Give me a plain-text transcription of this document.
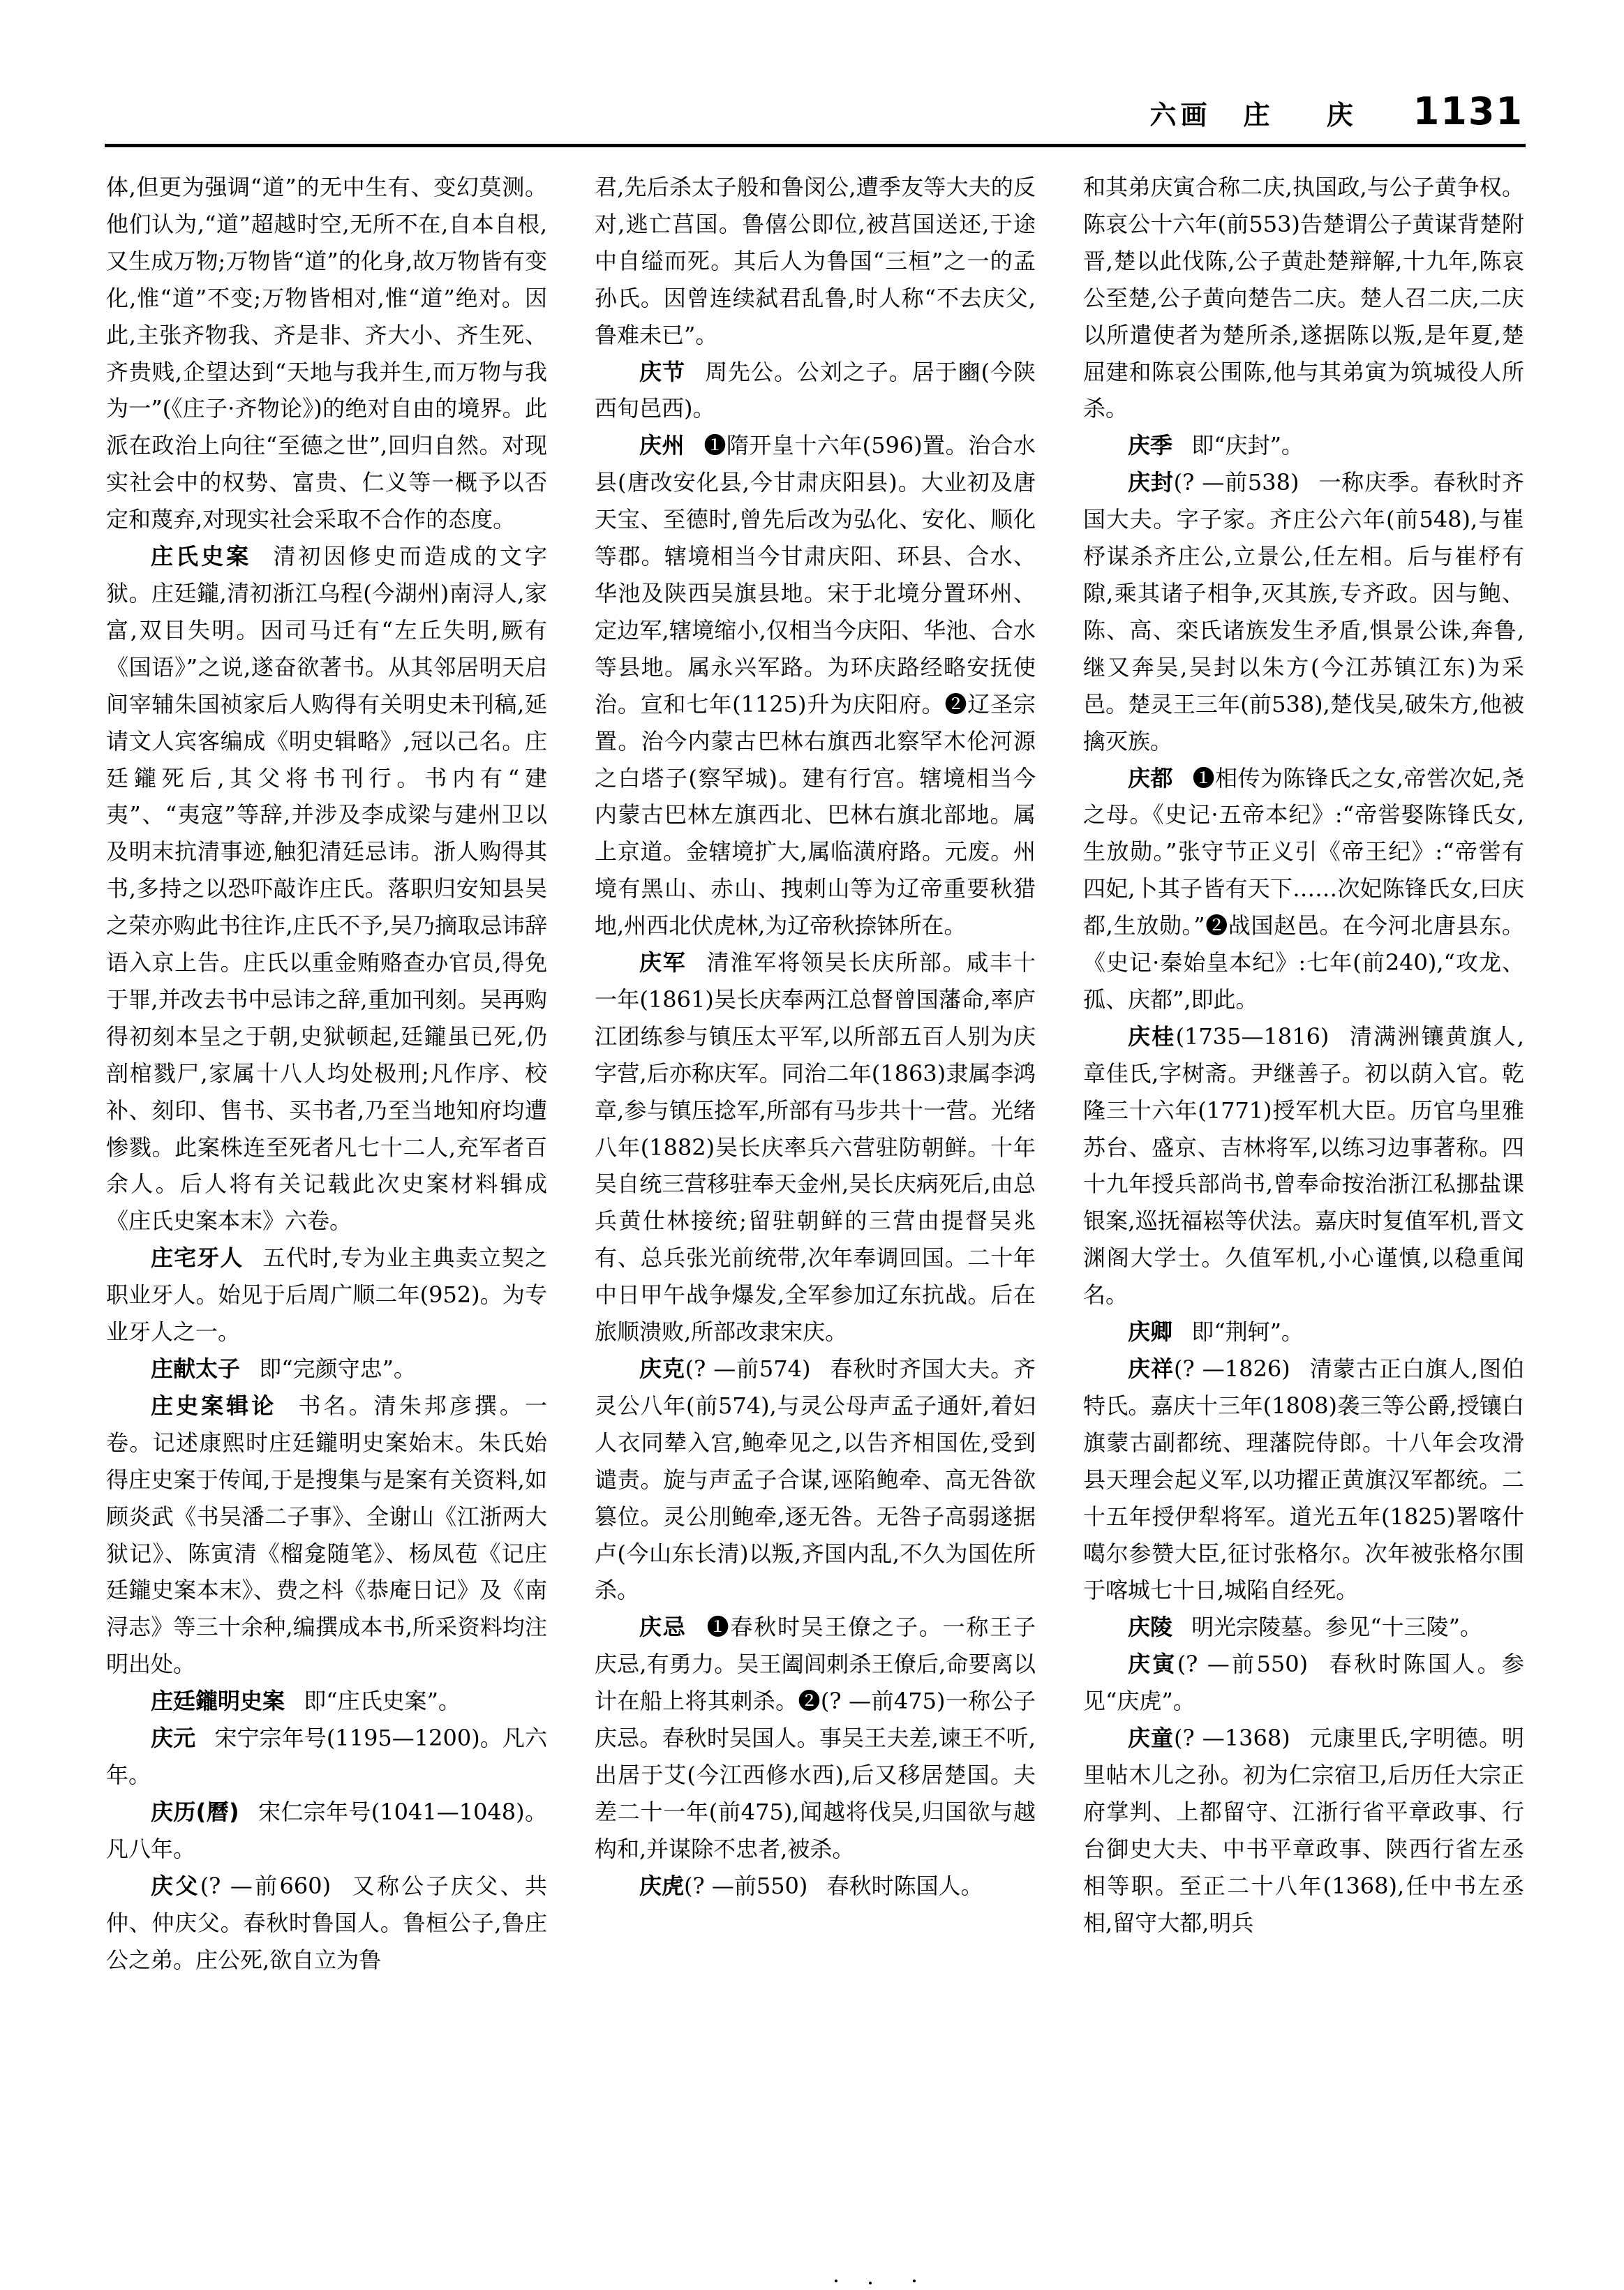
六画 庄 庆 1131

体,但更为强调“道”的无中生有、变幻莫测。他们认为,“道”超越时空,无所不在,自本自根,又生成万物;万物皆“道”的化身,故万物皆有变化,惟“道”不变;万物皆相对,惟“道”绝对。因此,主张齐物我、齐是非、齐大小、齐生死、齐贵贱,企望达到“天地与我并生,而万物与我为一”(《庄子·齐物论》)的绝对自由的境界。此派在政治上向往“至德之世”,回归自然。对现实社会中的权势、富贵、仁义等一概予以否定和蔑弃,对现实社会采取不合作的态度。

庄氏史案 清初因修史而造成的文字狱。庄廷鑨,清初浙江乌程(今湖州)南浔人,家富,双目失明。因司马迁有“左丘失明,厥有《国语》”之说,遂奋欲著书。从其邻居明天启间宰辅朱国祯家后人购得有关明史未刊稿,延请文人宾客编成《明史辑略》,冠以己名。庄廷鑨死后,其父将书刊行。书内有“建夷”、“夷寇”等辞,并涉及李成梁与建州卫以及明末抗清事迹,触犯清廷忌讳。浙人购得其书,多持之以恐吓敲诈庄氏。落职归安知县吴之荣亦购此书往诈,庄氏不予,吴乃摘取忌讳辞语入京上告。庄氏以重金贿赂查办官员,得免于罪,并改去书中忌讳之辞,重加刊刻。吴再购得初刻本呈之于朝,史狱顿起,廷鑨虽已死,仍剖棺戮尸,家属十八人均处极刑;凡作序、校补、刻印、售书、买书者,乃至当地知府均遭惨戮。此案株连至死者凡七十二人,充军者百余人。后人将有关记载此次史案材料辑成《庄氏史案本末》六卷。

庄宅牙人 五代时,专为业主典卖立契之职业牙人。始见于后周广顺二年(952)。为专业牙人之一。

庄献太子 即“完颜守忠”。

庄史案辑论 书名。清朱邦彦撰。一卷。记述康熙时庄廷鑨明史案始末。朱氏始得庄史案于传闻,于是搜集与是案有关资料,如顾炎武《书吴潘二子事》、全谢山《江浙两大狱记》、陈寅清《榴龛随笔》、杨凤苞《记庄廷鑨史案本末》、费之枓《恭庵日记》及《南浔志》等三十余种,编撰成本书,所采资料均注明出处。

庄廷鑨明史案 即“庄氏史案”。

庆元 宋宁宗年号(1195—1200)。凡六年。

庆历(曆) 宋仁宗年号(1041—1048)。凡八年。

庆父(? —前660) 又称公子庆父、共仲、仲庆父。春秋时鲁国人。鲁桓公子,鲁庄公之弟。庄公死,欲自立为鲁

君,先后杀太子般和鲁闵公,遭季友等大夫的反对,逃亡莒国。鲁僖公即位,被莒国送还,于途中自缢而死。其后人为鲁国“三桓”之一的孟孙氏。因曾连续弑君乱鲁,时人称“不去庆父,鲁难未已”。

庆节 周先公。公刘之子。居于豳(今陕西旬邑西)。

庆州 ❶隋开皇十六年(596)置。治合水县(唐改安化县,今甘肃庆阳县)。大业初及唐天宝、至德时,曾先后改为弘化、安化、顺化等郡。辖境相当今甘肃庆阳、环县、合水、华池及陕西吴旗县地。宋于北境分置环州、定边军,辖境缩小,仅相当今庆阳、华池、合水等县地。属永兴军路。为环庆路经略安抚使治。宣和七年(1125)升为庆阳府。❷辽圣宗置。治今内蒙古巴林右旗西北察罕木伦河源之白塔子(察罕城)。建有行宫。辖境相当今内蒙古巴林左旗西北、巴林右旗北部地。属上京道。金辖境扩大,属临潢府路。元废。州境有黑山、赤山、拽刺山等为辽帝重要秋猎地,州西北伏虎林,为辽帝秋捺钵所在。

庆军 清淮军将领吴长庆所部。咸丰十一年(1861)吴长庆奉两江总督曾国藩命,率庐江团练参与镇压太平军,以所部五百人别为庆字营,后亦称庆军。同治二年(1863)隶属李鸿章,参与镇压捻军,所部有马步共十一营。光绪八年(1882)吴长庆率兵六营驻防朝鲜。十年吴自统三营移驻奉天金州,吴长庆病死后,由总兵黄仕林接统;留驻朝鲜的三营由提督吴兆有、总兵张光前统带,次年奉调回国。二十年中日甲午战争爆发,全军参加辽东抗战。后在旅顺溃败,所部改隶宋庆。

庆克(? —前574) 春秋时齐国大夫。齐灵公八年(前574),与灵公母声孟子通奸,着妇人衣同辇入宫,鲍牵见之,以告齐相国佐,受到谴责。旋与声孟子合谋,诬陷鲍牵、高无咎欲篡位。灵公刖鲍牵,逐无咎。无咎子高弱遂据卢(今山东长清)以叛,齐国内乱,不久为国佐所杀。

庆忌 ❶春秋时吴王僚之子。一称王子庆忌,有勇力。吴王阖闾刺杀王僚后,命要离以计在船上将其刺杀。❷(? —前475)一称公子庆忌。春秋时吴国人。事吴王夫差,谏王不听,出居于艾(今江西修水西),后又移居楚国。夫差二十一年(前475),闻越将伐吴,归国欲与越构和,并谋除不忠者,被杀。

庆虎(? —前550) 春秋时陈国人。

和其弟庆寅合称二庆,执国政,与公子黄争权。陈哀公十六年(前553)告楚谓公子黄谋背楚附晋,楚以此伐陈,公子黄赴楚辩解,十九年,陈哀公至楚,公子黄向楚告二庆。楚人召二庆,二庆以所遣使者为楚所杀,遂据陈以叛,是年夏,楚屈建和陈哀公围陈,他与其弟寅为筑城役人所杀。

庆季 即“庆封”。

庆封(? —前538) 一称庆季。春秋时齐国大夫。字子家。齐庄公六年(前548),与崔杼谋杀齐庄公,立景公,任左相。后与崔杼有隙,乘其诸子相争,灭其族,专齐政。因与鲍、陈、高、栾氏诸族发生矛盾,惧景公诛,奔鲁,继又奔吴,吴封以朱方(今江苏镇江东)为采邑。楚灵王三年(前538),楚伐吴,破朱方,他被擒灭族。

庆都 ❶相传为陈锋氏之女,帝喾次妃,尧之母。《史记·五帝本纪》:“帝喾娶陈锋氏女,生放勋。”张守节正义引《帝王纪》:“帝喾有四妃,卜其子皆有天下……次妃陈锋氏女,曰庆都,生放勋。”❷战国赵邑。在今河北唐县东。《史记·秦始皇本纪》:七年(前240),“攻龙、孤、庆都”,即此。

庆桂(1735—1816) 清满洲镶黄旗人,章佳氏,字树斋。尹继善子。初以荫入官。乾隆三十六年(1771)授军机大臣。历官乌里雅苏台、盛京、吉林将军,以练习边事著称。四十九年授兵部尚书,曾奉命按治浙江私挪盐课银案,巡抚福崧等伏法。嘉庆时复值军机,晋文渊阁大学士。久值军机,小心谨慎,以稳重闻名。

庆卿 即“荆轲”。

庆祥(? —1826) 清蒙古正白旗人,图伯特氏。嘉庆十三年(1808)袭三等公爵,授镶白旗蒙古副都统、理藩院侍郎。十八年会攻滑县天理会起义军,以功擢正黄旗汉军都统。二十五年授伊犁将军。道光五年(1825)署喀什噶尔参赞大臣,征讨张格尔。次年被张格尔围于喀城七十日,城陷自经死。

庆陵 明光宗陵墓。参见“十三陵”。

庆寅(? —前550) 春秋时陈国人。参见“庆虎”。

庆童(? —1368) 元康里氏,字明德。明里帖木儿之孙。初为仁宗宿卫,后历任大宗正府掌判、上都留守、江浙行省平章政事、行台御史大夫、中书平章政事、陕西行省左丞相等职。至正二十八年(1368),任中书左丞相,留守大都,明兵
